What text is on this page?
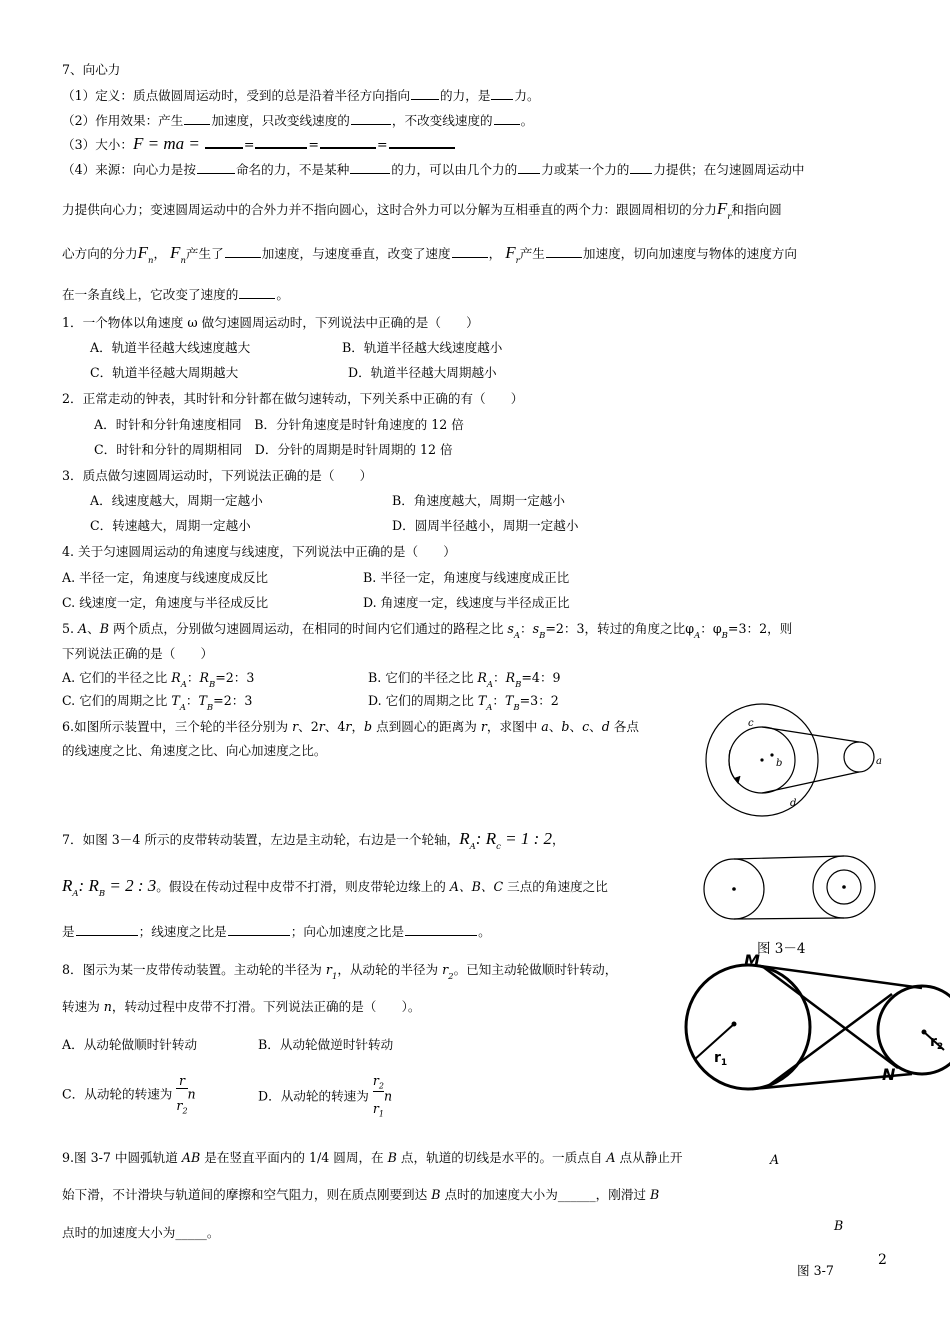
7、向心力
（1）定义：质点做圆周运动时，受到的总是沿着半径方向指向 的力，是 力。
（2）作用效果：产生 加速度，只改变线速度的	，不改变线速度的 。
（3）大小：F = ma =	=	=	=
（4）来源：向心力是按	命名的力，不是某种	的力，可以由几个力的 力或某一个力的 力提供；在匀速圆周运动中
力提供向心力；变速圆周运动中的合外力并不指向圆心，这时合外力可以分解为互相垂直的两个力：跟圆周相切的分力$F_r$和指向圆
心方向的分力$F_n$， $F_n$产生了	加速度，与速度垂直，改变了速度	， $F_r$产生	加速度，切向加速度与物体的速度方向
在一条直线上，它改变了速度的	。
1．一个物体以角速度 ω 做匀速圆周运动时，下列说法中正确的是（　　）
A．轨道半径越大线速度越大	B．轨道半径越大线速度越小
C．轨道半径越大周期越大	D．轨道半径越大周期越小
2．正常走动的钟表，其时针和分针都在做匀速转动，下列关系中正确的有（　　）
A．时针和分针角速度相同　B．分针角速度是时针角速度的 12 倍
C．时针和分针的周期相同　D．分针的周期是时针周期的 12 倍
3．质点做匀速圆周运动时，下列说法正确的是（　　）
A．线速度越大，周期一定越小	B．角速度越大，周期一定越小
C．转速越大，周期一定越小	D．圆周半径越小，周期一定越小
4. 关于匀速圆周运动的角速度与线速度，下列说法中正确的是（　　）
A. 半径一定，角速度与线速度成反比	B. 半径一定，角速度与线速度成正比
C. 线速度一定，角速度与半径成反比	D. 角速度一定，线速度与半径成正比
5. A、B 两个质点，分别做匀速圆周运动，在相同的时间内它们通过的路程之比 $s_A$：$s_B=2$：3，转过的角度之比$\varphi_A$：$\varphi_B=3$：2，则
下列说法正确的是（　　）
A. 它们的半径之比 $R_A$：$R_B=2$：3	B. 它们的半径之比 $R_A$：$R_B=4$：9
C. 它们的周期之比 $T_A$：$T_B=2$：3	D. 它们的周期之比 $T_A$：$T_B=3$：2
6.如图所示装置中，三个轮的半径分别为 r、2r、4r，b 点到圆心的距离为 r，求图中 a、b、c、d 各点
的线速度之比、角速度之比、向心加速度之比。
c
b	a
d
7．如图 3－4 所示的皮带转动装置，左边是主动轮，右边是一个轮轴，$R_A$: $R_c = 1$ : 2，
$R_A$: $R_B = 2$ : 3。假设在传动过程中皮带不打滑，则皮带轮边缘上的 A、B、C 三点的角速度之比
是	；线速度之比是	；向心加速度之比是	。
图 3－4
8．图示为某一皮带传动装置。主动轮的半径为 $r_1$，从动轮的半径为 $r_2$。已知主动轮做顺时针转动，
转速为 n，转动过程中皮带不打滑。下列说法正确的是（　　）。
A．从动轮做顺时针转动	B．从动轮做逆时针转动
C．从动轮的转速为
r

$r_2$
n	D．从动轮的转速为
$r_2$

$r_1$
n
M
N
$r_1$
$r_2$
9.图 3-7 中圆弧轨道 AB 是在竖直平面内的 1/4 圆周，在 B 点，轨道的切线是水平的。一质点自 A 点从静止开
始下滑，不计滑块与轨道间的摩擦和空气阻力，则在质点刚要到达 B 点时的加速度大小为______，刚滑过 B
点时的加速度大小为_____。
A
B
图 3-7
2
